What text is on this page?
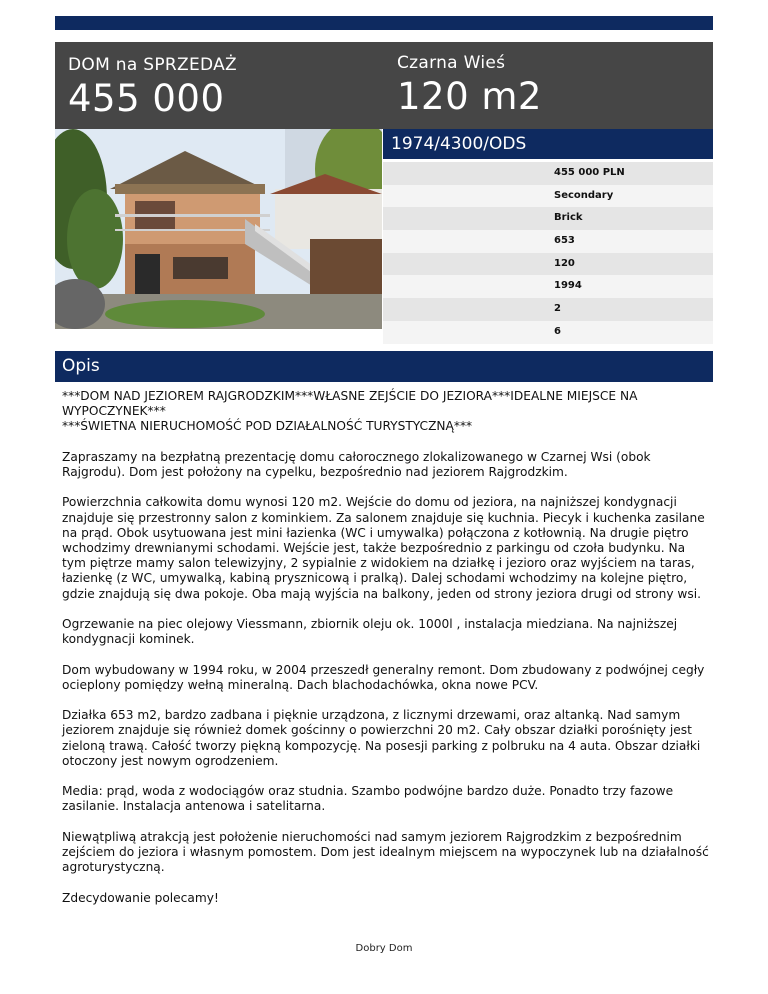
DOM na SPRZEDAŻ
455 000
Czarna Wieś
120 m2
1974/4300/ODS
455 000 PLN
Secondary
Brick
653
120
1994
2
6
Opis

***DOM NAD JEZIOREM RAJGRODZKIM***WŁASNE ZEJŚCIE DO JEZIORA***IDEALNE MIEJSCE NA WYPOCZYNEK***
***ŚWIETNA NIERUCHOMOŚĆ POD DZIAŁALNOŚĆ TURYSTYCZNĄ***

Zapraszamy na bezpłatną prezentację domu całorocznego zlokalizowanego w Czarnej Wsi (obok Rajgrodu). Dom jest położony na cypelku, bezpośrednio nad jeziorem Rajgrodzkim.

Powierzchnia całkowita domu wynosi 120 m2. Wejście do domu od jeziora, na najniższej kondygnacji znajduje się przestronny salon z kominkiem. Za salonem znajduje się kuchnia. Piecyk i kuchenka zasilane na prąd. Obok usytuowana jest mini łazienka (WC i umywalka) połączona z kotłownią. Na drugie piętro wchodzimy drewnianymi schodami. Wejście jest, także bezpośrednio z parkingu od czoła budynku. Na tym piętrze mamy salon telewizyjny, 2 sypialnie z widokiem na działkę i jezioro oraz wyjściem na taras, łazienkę (z WC, umywalką, kabiną prysznicową i pralką). Dalej schodami wchodzimy na kolejne piętro, gdzie znajdują się dwa pokoje. Oba mają wyjścia na balkony, jeden od strony jeziora drugi od strony wsi.

Ogrzewanie na piec olejowy Viessmann, zbiornik oleju ok. 1000l , instalacja miedziana. Na najniższej kondygnacji kominek.

Dom wybudowany w 1994 roku, w 2004 przeszedł generalny remont. Dom zbudowany z podwójnej cegły ocieplony pomiędzy wełną mineralną. Dach blachodachówka, okna nowe PCV.

Działka 653 m2, bardzo zadbana i pięknie urządzona, z licznymi drzewami, oraz altanką. Nad samym jeziorem znajduje się również domek gościnny o powierzchni 20 m2. Cały obszar działki porośnięty jest zieloną trawą. Całość tworzy piękną kompozycję. Na posesji parking z polbruku na 4 auta. Obszar działki otoczony jest nowym ogrodzeniem.

Media: prąd, woda z wodociągów oraz studnia. Szambo podwójne bardzo duże. Ponadto trzy fazowe zasilanie. Instalacja antenowa i satelitarna.

Niewątpliwą atrakcją jest położenie nieruchomości nad samym jeziorem Rajgrodzkim z bezpośrednim zejściem do jeziora i własnym pomostem. Dom jest idealnym miejscem na wypoczynek lub na działalność agroturystyczną.

Zdecydowanie polecamy!

Dobry Dom
